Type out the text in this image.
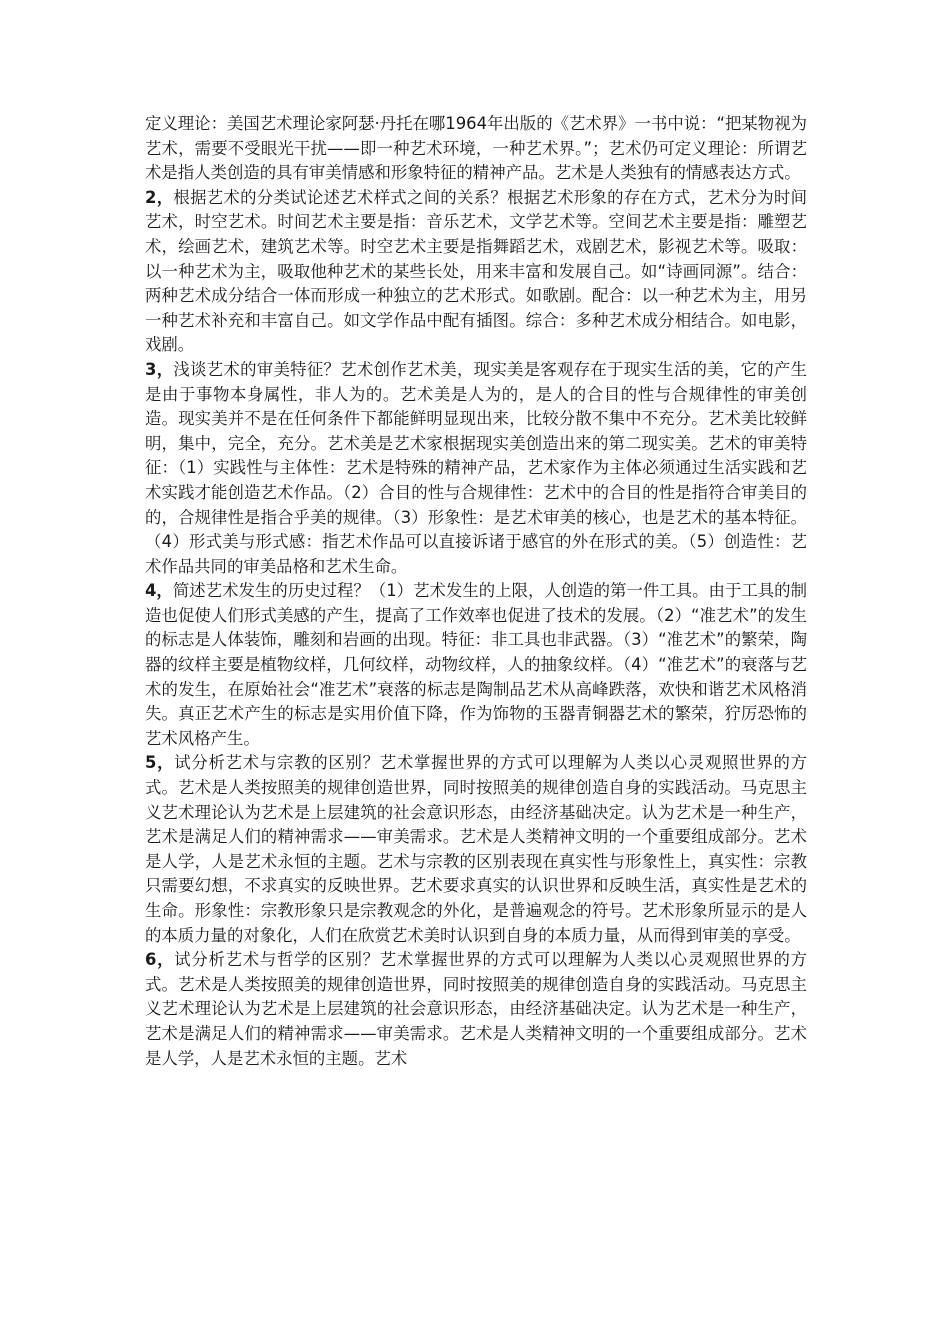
定义理论：美国艺术理论家阿瑟·丹托在哪1964年出版的《艺术界》一书中说：“把某物视为艺术，需要不受眼光干扰——即一种艺术环境，一种艺术界。”；艺术仍可定义理论：所谓艺术是指人类创造的具有审美情感和形象特征的精神产品。艺术是人类独有的情感表达方式。

2，根据艺术的分类试论述艺术样式之间的关系？根据艺术形象的存在方式，艺术分为时间艺术，时空艺术。时间艺术主要是指：音乐艺术，文学艺术等。空间艺术主要是指：雕塑艺术，绘画艺术，建筑艺术等。时空艺术主要是指舞蹈艺术，戏剧艺术，影视艺术等。吸取：以一种艺术为主，吸取他种艺术的某些长处，用来丰富和发展自己。如“诗画同源”。结合：两种艺术成分结合一体而形成一种独立的艺术形式。如歌剧。配合：以一种艺术为主，用另一种艺术补充和丰富自己。如文学作品中配有插图。综合：多种艺术成分相结合。如电影，戏剧。

3，浅谈艺术的审美特征？艺术创作艺术美，现实美是客观存在于现实生活的美，它的产生是由于事物本身属性，非人为的。艺术美是人为的，是人的合目的性与合规律性的审美创造。现实美并不是在任何条件下都能鲜明显现出来，比较分散不集中不充分。艺术美比较鲜明，集中，完全，充分。艺术美是艺术家根据现实美创造出来的第二现实美。艺术的审美特征：（1）实践性与主体性：艺术是特殊的精神产品，艺术家作为主体必须通过生活实践和艺术实践才能创造艺术作品。（2）合目的性与合规律性：艺术中的合目的性是指符合审美目的的，合规律性是指合乎美的规律。（3）形象性：是艺术审美的核心，也是艺术的基本特征。（4）形式美与形式感：指艺术作品可以直接诉诸于感官的外在形式的美。（5）创造性：艺术作品共同的审美品格和艺术生命。

4，简述艺术发生的历史过程？（1）艺术发生的上限，人创造的第一件工具。由于工具的制造也促使人们形式美感的产生，提高了工作效率也促进了技术的发展。（2）“准艺术”的发生的标志是人体装饰，雕刻和岩画的出现。特征：非工具也非武器。（3）“准艺术”的繁荣，陶器的纹样主要是植物纹样，几何纹样，动物纹样，人的抽象纹样。（4）“准艺术”的衰落与艺术的发生，在原始社会“准艺术”衰落的标志是陶制品艺术从高峰跌落，欢快和谐艺术风格消失。真正艺术产生的标志是实用价值下降，作为饰物的玉器青铜器艺术的繁荣，狞厉恐怖的艺术风格产生。

5，试分析艺术与宗教的区别？艺术掌握世界的方式可以理解为人类以心灵观照世界的方式。艺术是人类按照美的规律创造世界，同时按照美的规律创造自身的实践活动。马克思主义艺术理论认为艺术是上层建筑的社会意识形态，由经济基础决定。认为艺术是一种生产，艺术是满足人们的精神需求——审美需求。艺术是人类精神文明的一个重要组成部分。艺术是人学，人是艺术永恒的主题。艺术与宗教的区别表现在真实性与形象性上，真实性：宗教只需要幻想，不求真实的反映世界。艺术要求真实的认识世界和反映生活，真实性是艺术的生命。形象性：宗教形象只是宗教观念的外化，是普遍观念的符号。艺术形象所显示的是人的本质力量的对象化，人们在欣赏艺术美时认识到自身的本质力量，从而得到审美的享受。

6，试分析艺术与哲学的区别？艺术掌握世界的方式可以理解为人类以心灵观照世界的方式。艺术是人类按照美的规律创造世界，同时按照美的规律创造自身的实践活动。马克思主义艺术理论认为艺术是上层建筑的社会意识形态，由经济基础决定。认为艺术是一种生产，艺术是满足人们的精神需求——审美需求。艺术是人类精神文明的一个重要组成部分。艺术是人学，人是艺术永恒的主题。艺术
